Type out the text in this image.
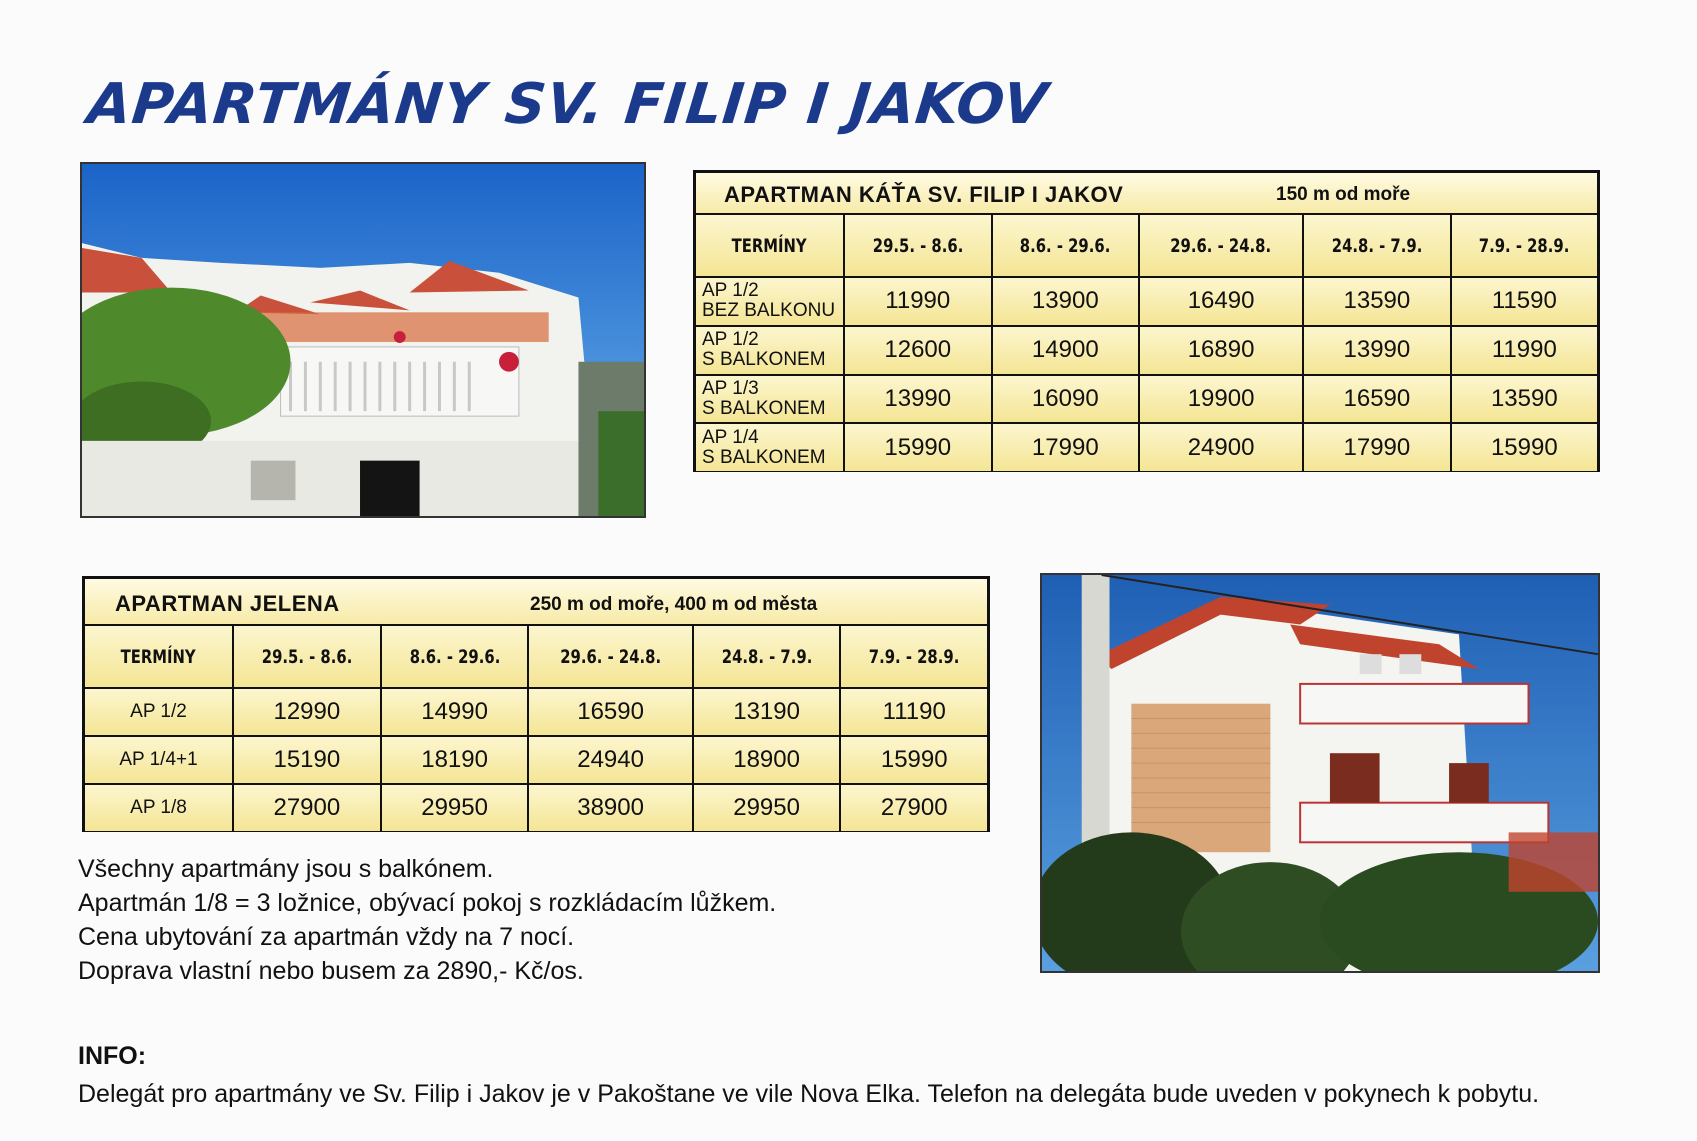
APARTMÁNY SV. FILIP I JAKOV
APARTMAN KÁŤA SV. FILIP I JAKOV	150 m od moře
TERMÍNY	29.5. - 8.6.	8.6. - 29.6.	29.6. - 24.8.	24.8. - 7.9.	7.9. - 28.9.
AP 1/2
BEZ BALKONU	11990	13900	16490	13590	11590
AP 1/2
S BALKONEM	12600	14900	16890	13990	11990
AP 1/3
S BALKONEM	13990	16090	19900	16590	13590
AP 1/4
S BALKONEM	15990	17990	24900	17990	15990
APARTMAN JELENA	250 m od moře, 400 m od města
TERMÍNY	29.5. - 8.6.	8.6. - 29.6.	29.6. - 24.8.	24.8. - 7.9.	7.9. - 28.9.
AP 1/2	12990	14990	16590	13190	11190
AP 1/4+1	15190	18190	24940	18900	15990
AP 1/8	27900	29950	38900	29950	27900
Všechny apartmány jsou s balkónem.
Apartmán 1/8 = 3 ložnice, obývací pokoj s rozkládacím lůžkem.
Cena ubytování za apartmán vždy na 7 nocí.
Doprava vlastní nebo busem za 2890,- Kč/os.
INFO:
Delegát pro apartmány ve Sv. Filip i Jakov je v Pakoštane ve vile Nova Elka. Telefon na delegáta bude uveden v pokynech k pobytu.
